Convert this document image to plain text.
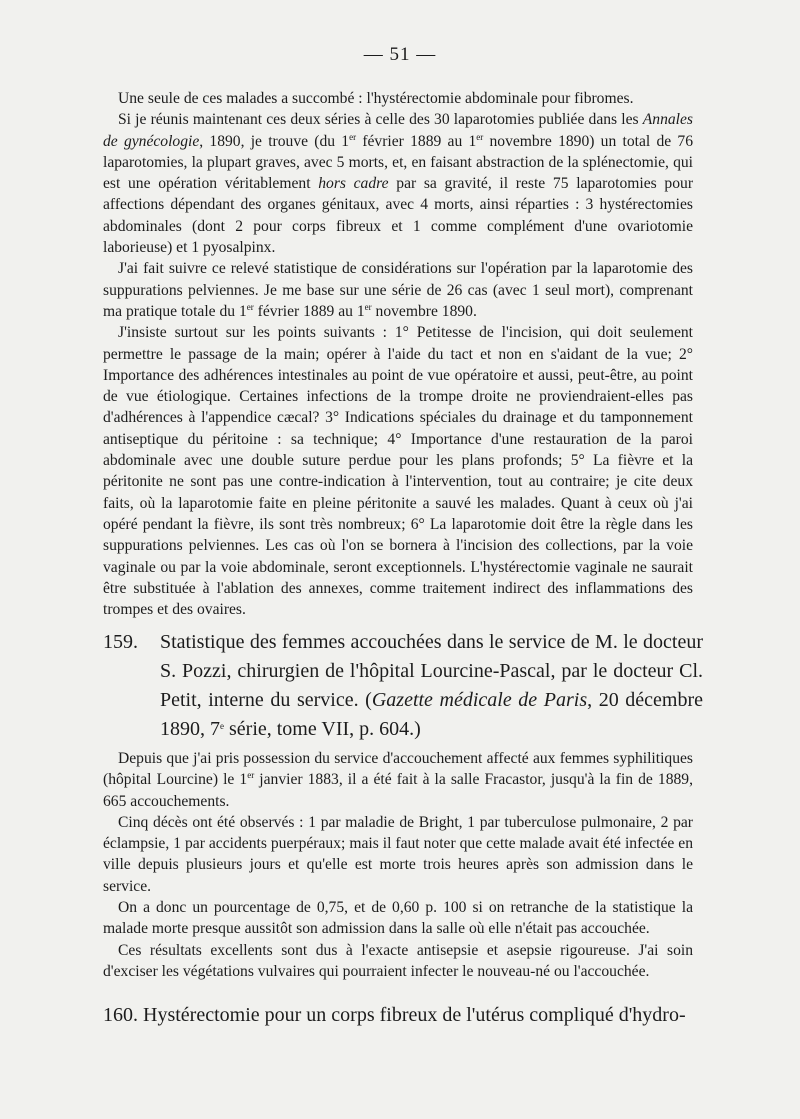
— 51 —

Une seule de ces malades a succombé : l'hystérectomie abdominale pour fibromes.

Si je réunis maintenant ces deux séries à celle des 30 laparotomies publiée dans les Annales de gynécologie, 1890, je trouve (du 1er février 1889 au 1er novembre 1890) un total de 76 laparotomies, la plupart graves, avec 5 morts, et, en faisant abstraction de la splénectomie, qui est une opération véritablement hors cadre par sa gravité, il reste 75 laparotomies pour affections dépendant des organes génitaux, avec 4 morts, ainsi réparties : 3 hystérectomies abdominales (dont 2 pour corps fibreux et 1 comme complément d'une ovariotomie laborieuse) et 1 pyosalpinx.

J'ai fait suivre ce relevé statistique de considérations sur l'opération par la laparotomie des suppurations pelviennes. Je me base sur une série de 26 cas (avec 1 seul mort), comprenant ma pratique totale du 1er février 1889 au 1er novembre 1890.

J'insiste surtout sur les points suivants : 1° Petitesse de l'incision, qui doit seulement permettre le passage de la main; opérer à l'aide du tact et non en s'aidant de la vue; 2° Importance des adhérences intestinales au point de vue opératoire et aussi, peut-être, au point de vue étiologique. Certaines infections de la trompe droite ne proviendraient-elles pas d'adhérences à l'appendice cæcal? 3° Indications spéciales du drainage et du tamponnement antiseptique du péritoine : sa technique; 4° Importance d'une restauration de la paroi abdominale avec une double suture perdue pour les plans profonds; 5° La fièvre et la péritonite ne sont pas une contre-indication à l'intervention, tout au contraire; je cite deux faits, où la laparotomie faite en pleine péritonite a sauvé les malades. Quant à ceux où j'ai opéré pendant la fièvre, ils sont très nombreux; 6° La laparotomie doit être la règle dans les suppurations pelviennes. Les cas où l'on se bornera à l'incision des collections, par la voie vaginale ou par la voie abdominale, seront exceptionnels. L'hystérectomie vaginale ne saurait être substituée à l'ablation des annexes, comme traitement indirect des inflammations des trompes et des ovaires.

159. Statistique des femmes accouchées dans le service de M. le docteur S. Pozzi, chirurgien de l'hôpital Lourcine-Pascal, par le docteur Cl. Petit, interne du service. (Gazette médicale de Paris, 20 décembre 1890, 7e série, tome VII, p. 604.)

Depuis que j'ai pris possession du service d'accouchement affecté aux femmes syphilitiques (hôpital Lourcine) le 1er janvier 1883, il a été fait à la salle Fracastor, jusqu'à la fin de 1889, 665 accouchements.

Cinq décès ont été observés : 1 par maladie de Bright, 1 par tuberculose pulmonaire, 2 par éclampsie, 1 par accidents puerpéraux; mais il faut noter que cette malade avait été infectée en ville depuis plusieurs jours et qu'elle est morte trois heures après son admission dans le service.

On a donc un pourcentage de 0,75, et de 0,60 p. 100 si on retranche de la statistique la malade morte presque aussitôt son admission dans la salle où elle n'était pas accouchée.

Ces résultats excellents sont dus à l'exacte antisepsie et asepsie rigoureuse. J'ai soin d'exciser les végétations vulvaires qui pourraient infecter le nouveau-né ou l'accouchée.

160. Hystérectomie pour un corps fibreux de l'utérus compliqué d'hydro-
